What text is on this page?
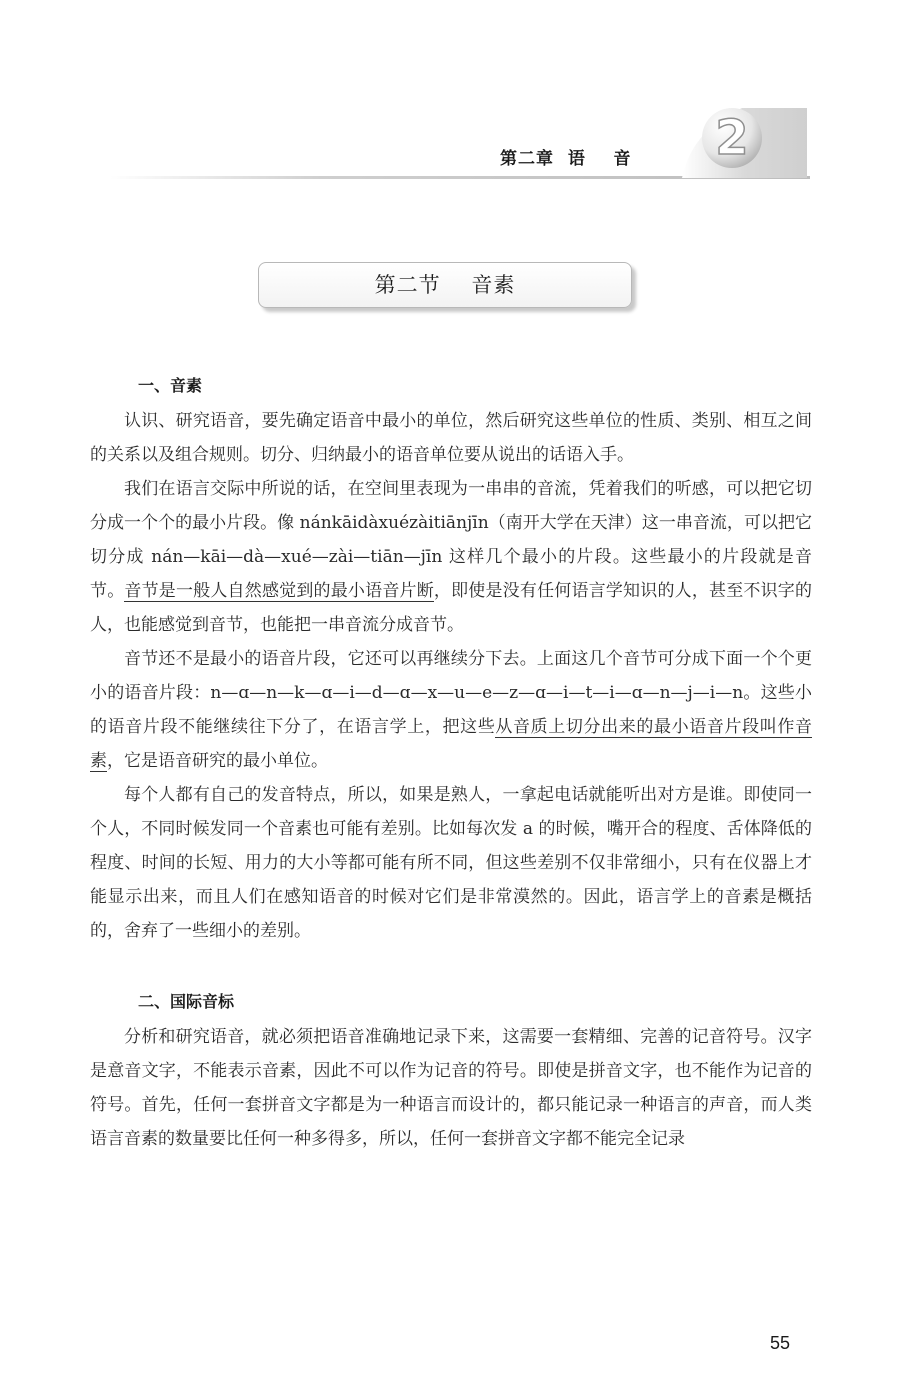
第二章  语    音 2
第二节    音素
一、音素

认识、研究语音，要先确定语音中最小的单位，然后研究这些单位的性质、类别、相互之间的关系以及组合规则。切分、归纳最小的语音单位要从说出的话语入手。

我们在语言交际中所说的话，在空间里表现为一串串的音流，凭着我们的听感，可以把它切分成一个个的最小片段。像 nánkāidàxuézàitiānjīn（南开大学在天津）这一串音流，可以把它切分成 nán—kāi—dà—xué—zài—tiān—jīn 这样几个最小的片段。这些最小的片段就是音节。音节是一般人自然感觉到的最小语音片断，即使是没有任何语言学知识的人，甚至不识字的人，也能感觉到音节，也能把一串音流分成音节。

音节还不是最小的语音片段，它还可以再继续分下去。上面这几个音节可分成下面一个个更小的语音片段：n—ɑ—n—k—ɑ—i—d—ɑ—x—u—e—z—ɑ—i—t—i—ɑ—n—j—i—n。这些小的语音片段不能继续往下分了，在语言学上，把这些从音质上切分出来的最小语音片段叫作音素，它是语音研究的最小单位。

每个人都有自己的发音特点，所以，如果是熟人，一拿起电话就能听出对方是谁。即使同一个人，不同时候发同一个音素也可能有差别。比如每次发 a 的时候，嘴开合的程度、舌体降低的程度、时间的长短、用力的大小等都可能有所不同，但这些差别不仅非常细小，只有在仪器上才能显示出来，而且人们在感知语音的时候对它们是非常漠然的。因此，语言学上的音素是概括的，舍弃了一些细小的差别。

二、国际音标

分析和研究语音，就必须把语音准确地记录下来，这需要一套精细、完善的记音符号。汉字是意音文字，不能表示音素，因此不可以作为记音的符号。即使是拼音文字，也不能作为记音的符号。首先，任何一套拼音文字都是为一种语言而设计的，都只能记录一种语言的声音，而人类语言音素的数量要比任何一种多得多，所以，任何一套拼音文字都不能完全记录

55
